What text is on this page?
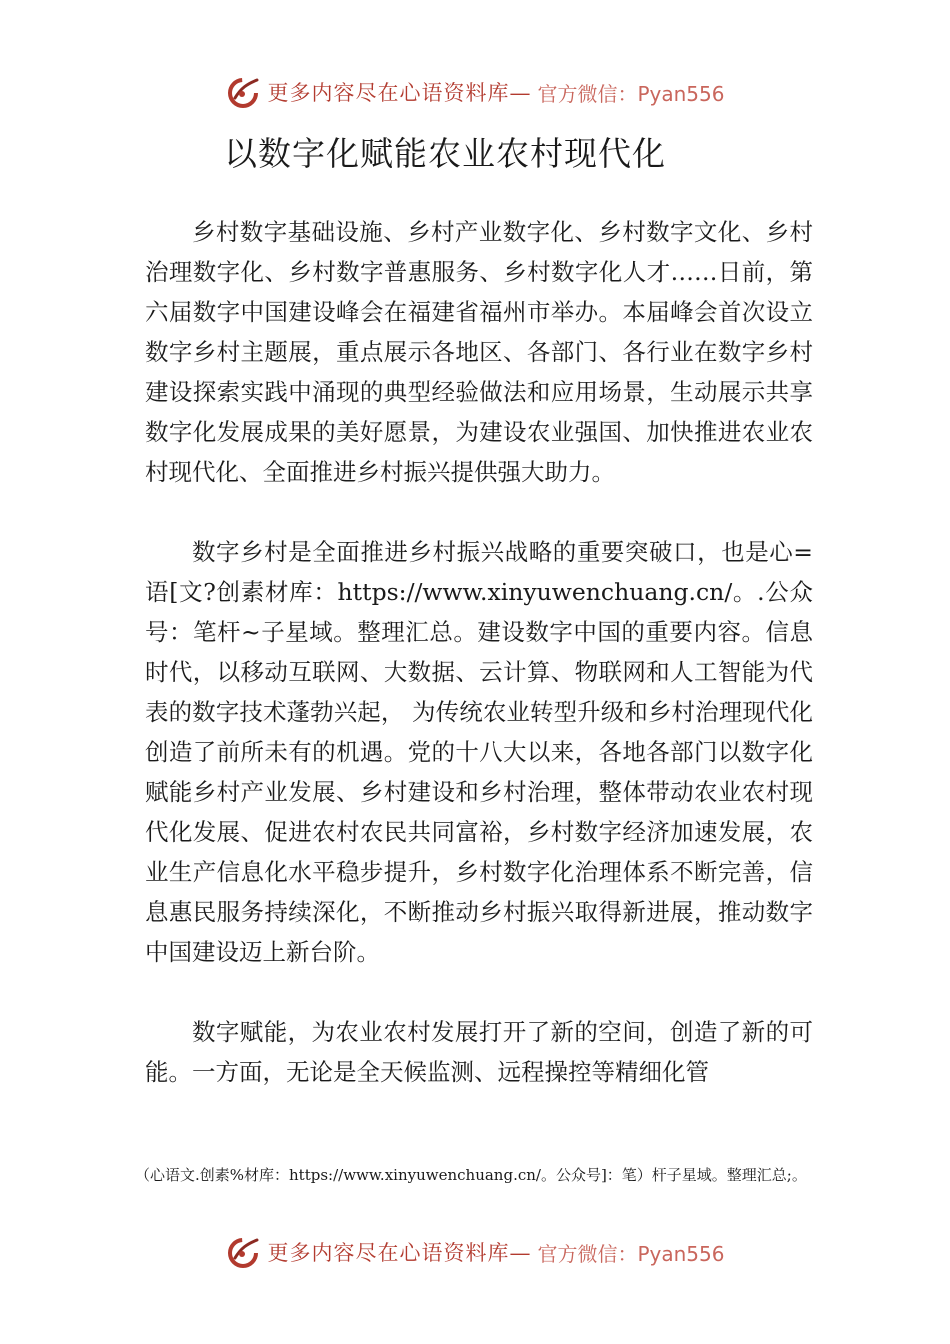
更多内容尽在心语资料库— 官方微信：Pyan556
以数字化赋能农业农村现代化

乡村数字基础设施、乡村产业数字化、乡村数字文化、乡村治理数字化、乡村数字普惠服务、乡村数字化人才……日前，第六届数字中国建设峰会在福建省福州市举办。本届峰会首次设立数字乡村主题展，重点展示各地区、各部门、各行业在数字乡村建设探索实践中涌现的典型经验做法和应用场景，生动展示共享数字化发展成果的美好愿景，为建设农业强国、加快推进农业农村现代化、全面推进乡村振兴提供强大助力。

数字乡村是全面推进乡村振兴战略的重要突破口，也是心=语[文?创素材库：https://www.xinyuwenchuang.cn/。.公众号：笔杆~子星域。整理汇总。建设数字中国的重要内容。信息时代，以移动互联网、大数据、云计算、物联网和人工智能为代表的数字技术蓬勃兴起， 为传统农业转型升级和乡村治理现代化创造了前所未有的机遇。党的十八大以来，各地各部门以数字化赋能乡村产业发展、乡村建设和乡村治理，整体带动农业农村现代化发展、促进农村农民共同富裕，乡村数字经济加速发展，农业生产信息化水平稳步提升，乡村数字化治理体系不断完善，信息惠民服务持续深化，不断推动乡村振兴取得新进展，推动数字中国建设迈上新台阶。

数字赋能，为农业农村发展打开了新的空间，创造了新的可能。一方面，无论是全天候监测、远程操控等精细化管

（心语文.创素%材库：https://www.xinyuwenchuang.cn/。公众号]：笔）杆子星域。整理汇总;。

更多内容尽在心语资料库— 官方微信：Pyan556
